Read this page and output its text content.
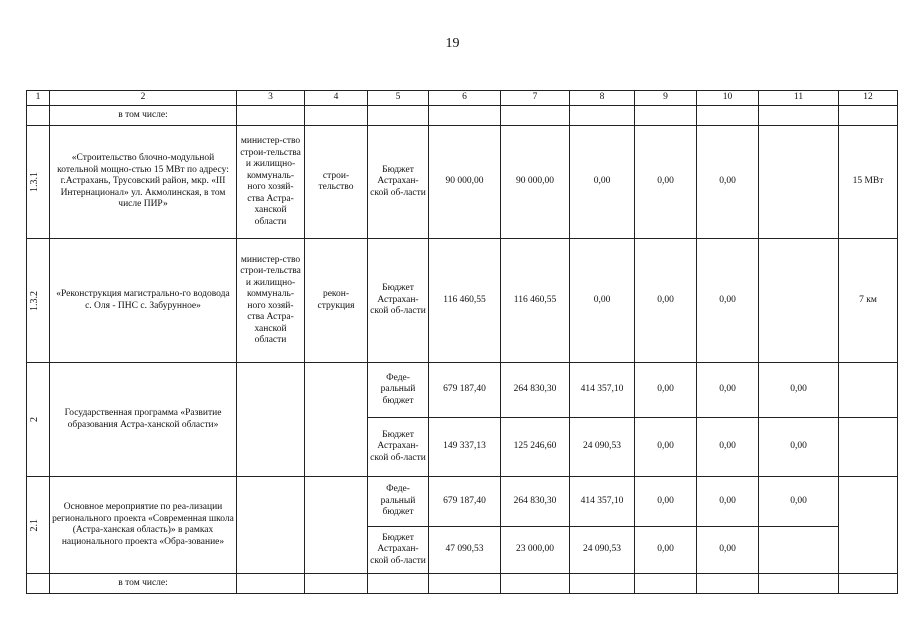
19
1	2	3	4	5	6	7	8	9	10	11	12
	в том числе:										

1.3.1	«Строительство блочно-модульной котельной мощно-стью 15 МВт по адресу: г.Астрахань, Трусовский район, мкр. «III Интернационал» ул. Акмолинская, в том числе ПИР»	министер-ство строи-тельства и жилищно-коммуналь-ного хозяй-ства Астра-ханской области	строи-тельство	Бюджет Астрахан-ской об-ласти	90 000,00	90 000,00	0,00	0,00	0,00		15 МВт

1.3.2	«Реконструкция магистрально-го водовода с. Оля - ПНС с. Забурунное»	министер-ство строи-тельства и жилищно-коммуналь-ного хозяй-ства Астра-ханской области	рекон-струкция	Бюджет Астрахан-ской об-ласти	116 460,55	116 460,55	0,00	0,00	0,00		7 км

2	Государственная программа «Развитие образования Астра-ханской области»			Феде-ральный бюджет	679 187,40	264 830,30	414 357,10	0,00	0,00	0,00	
				Бюджет Астрахан-ской об-ласти	149 337,13	125 246,60	24 090,53	0,00	0,00	0,00	

2.1	Основное мероприятие по реа-лизации регионального проекта «Современная школа (Астра-ханская область)» в рамках национального проекта «Обра-зование»			Феде-ральный бюджет	679 187,40	264 830,30	414 357,10	0,00	0,00	0,00	
				Бюджет Астрахан-ской об-ласти	47 090,53	23 000,00	24 090,53	0,00	0,00		
	в том числе:										
